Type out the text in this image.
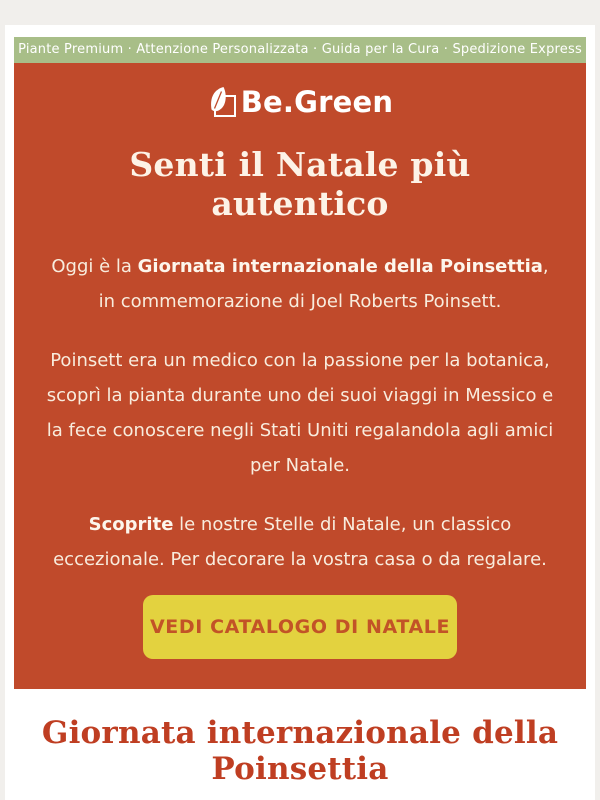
Piante Premium · Attenzione Personalizzata · Guida per la Cura · Spedizione Express
Be.Green
Senti il Natale più autentico

Oggi è la Giornata internazionale della Poinsettia, in commemorazione di Joel Roberts Poinsett.

Poinsett era un medico con la passione per la botanica, scoprì la pianta durante uno dei suoi viaggi in Messico e la fece conoscere negli Stati Uniti regalandola agli amici per Natale.

Scoprite le nostre Stelle di Natale, un classico eccezionale. Per decorare la vostra casa o da regalare.

VEDI CATALOGO DI NATALE
Giornata internazionale della Poinsettia
